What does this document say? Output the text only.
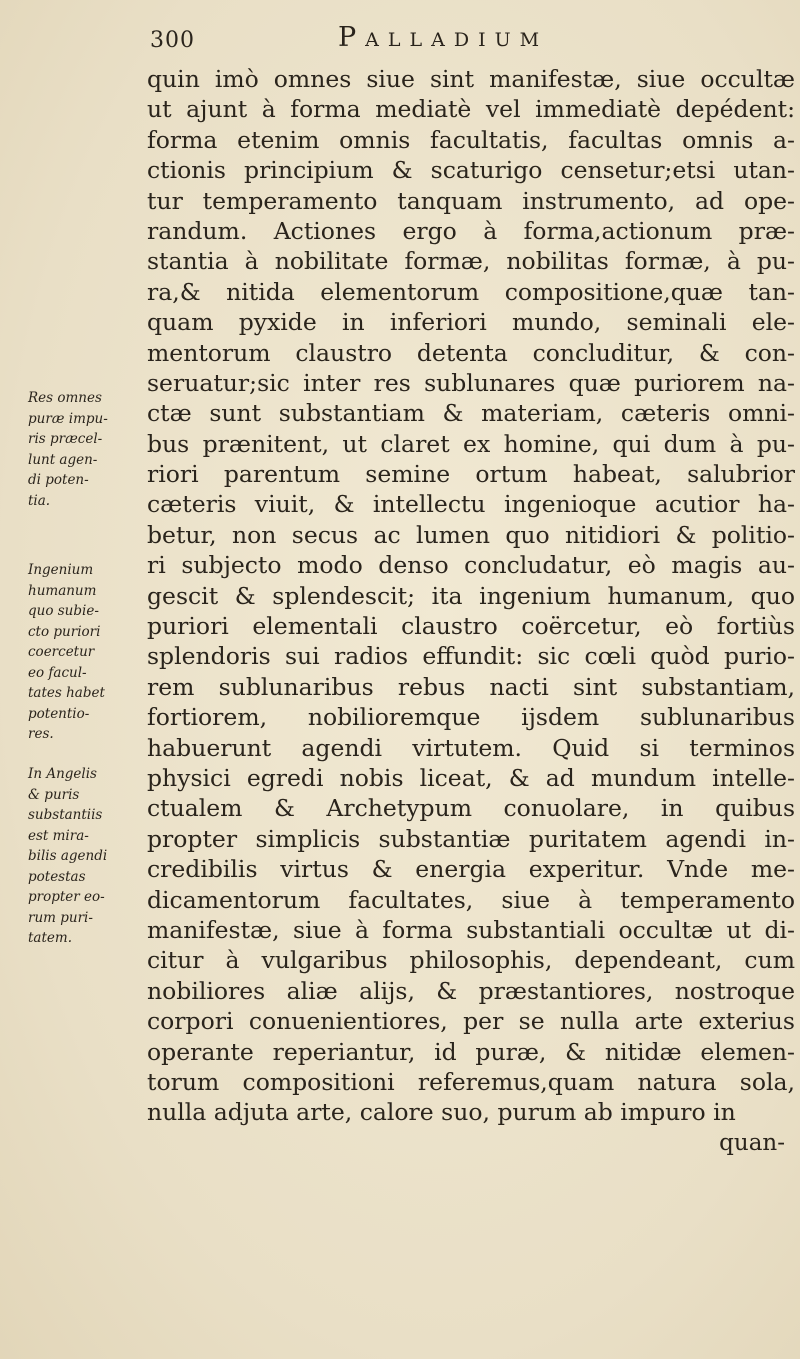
300	Palladium
quin imò omnes siue sint manifestæ, siue occultæ
ut ajunt à forma mediatè vel immediatè depédent:
forma etenim omnis facultatis, facultas omnis a-
ctionis principium & scaturigo censetur;etsi utan-
tur temperamento tanquam instrumento, ad ope-
randum. Actiones ergo à forma,actionum præ-
stantia à nobilitate formæ, nobilitas formæ, à pu-
ra,& nitida elementorum compositione,quæ tan-
quam pyxide in inferiori mundo, seminali ele-
mentorum claustro detenta concluditur, & con-
seruatur;sic inter res sublunares quæ puriorem na-
ctæ sunt substantiam & materiam, cæteris omni-
bus prænitent, ut claret ex homine, qui dum à pu-
riori parentum semine ortum habeat, salubrior
cæteris viuit, & intellectu ingenioque acutior ha-
betur, non secus ac lumen quo nitidiori & politio-
ri subjecto modo denso concludatur, eò magis au-
gescit & splendescit; ita ingenium humanum, quo
puriori elementali claustro coërcetur, eò fortiùs
splendoris sui radios effundit: sic cœli quòd purio-
rem sublunaribus rebus nacti sint substantiam,
fortiorem, nobilioremque ijsdem sublunaribus
habuerunt agendi virtutem. Quid si terminos
physici egredi nobis liceat, & ad mundum intelle-
ctualem & Archetypum conuolare, in quibus
propter simplicis substantiæ puritatem agendi in-
credibilis virtus & energia experitur. Vnde me-
dicamentorum facultates, siue à temperamento
manifestæ, siue à forma substantiali occultæ ut di-
citur à vulgaribus philosophis, dependeant, cum
nobiliores aliæ alijs, & præstantiores, nostroque
corpori conuenientiores, per se nulla arte exterius
operante reperiantur, id puræ, & nitidæ elemen-
torum compositioni referemus,quam natura sola,
nulla adjuta arte, calore suo, purum ab impuro in
quan-
Res omnes
puræ impu-
ris præcel-
lunt agen-
di poten-
tia.
Ingenium
humanum
quo subie-
cto puriori
coercetur
eo facul-
tates habet
potentio-
res.
In Angelis
& puris
substantiis
est mira-
bilis agendi
potestas
propter eo-
rum puri-
tatem.
